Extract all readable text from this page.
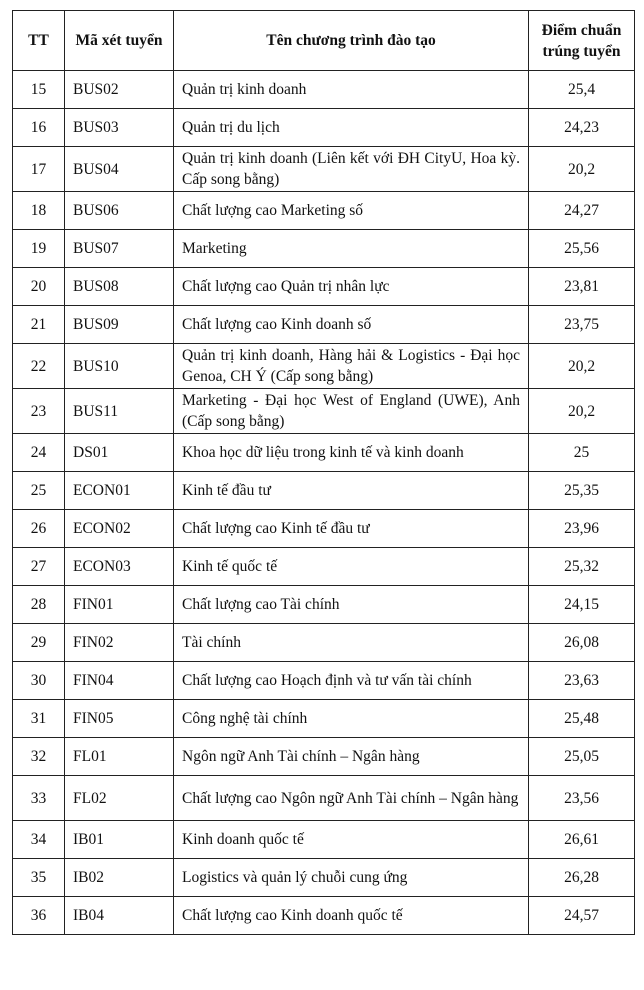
TT	Mã xét tuyển	Tên chương trình đào tạo	Điểm chuẩn trúng tuyển
15	BUS02	Quản trị kinh doanh	25,4
16	BUS03	Quản trị du lịch	24,23
17	BUS04	Quản trị kinh doanh (Liên kết với ĐH CityU, Hoa kỳ. Cấp song bằng)	20,2
18	BUS06	Chất lượng cao Marketing số	24,27
19	BUS07	Marketing	25,56
20	BUS08	Chất lượng cao Quản trị nhân lực	23,81
21	BUS09	Chất lượng cao Kinh doanh số	23,75
22	BUS10	Quản trị kinh doanh, Hàng hải & Logistics - Đại học Genoa, CH Ý (Cấp song bằng)	20,2
23	BUS11	Marketing - Đại học West of England (UWE), Anh (Cấp song bằng)	20,2
24	DS01	Khoa học dữ liệu trong kinh tế và kinh doanh	25
25	ECON01	Kinh tế đầu tư	25,35
26	ECON02	Chất lượng cao Kinh tế đầu tư	23,96
27	ECON03	Kinh tế quốc tế	25,32
28	FIN01	Chất lượng cao Tài chính	24,15
29	FIN02	Tài chính	26,08
30	FIN04	Chất lượng cao Hoạch định và tư vấn tài chính	23,63
31	FIN05	Công nghệ tài chính	25,48
32	FL01	Ngôn ngữ Anh Tài chính – Ngân hàng	25,05
33	FL02	Chất lượng cao Ngôn ngữ Anh Tài chính – Ngân hàng	23,56
34	IB01	Kinh doanh quốc tế	26,61
35	IB02	Logistics và quản lý chuỗi cung ứng	26,28
36	IB04	Chất lượng cao Kinh doanh quốc tế	24,57
